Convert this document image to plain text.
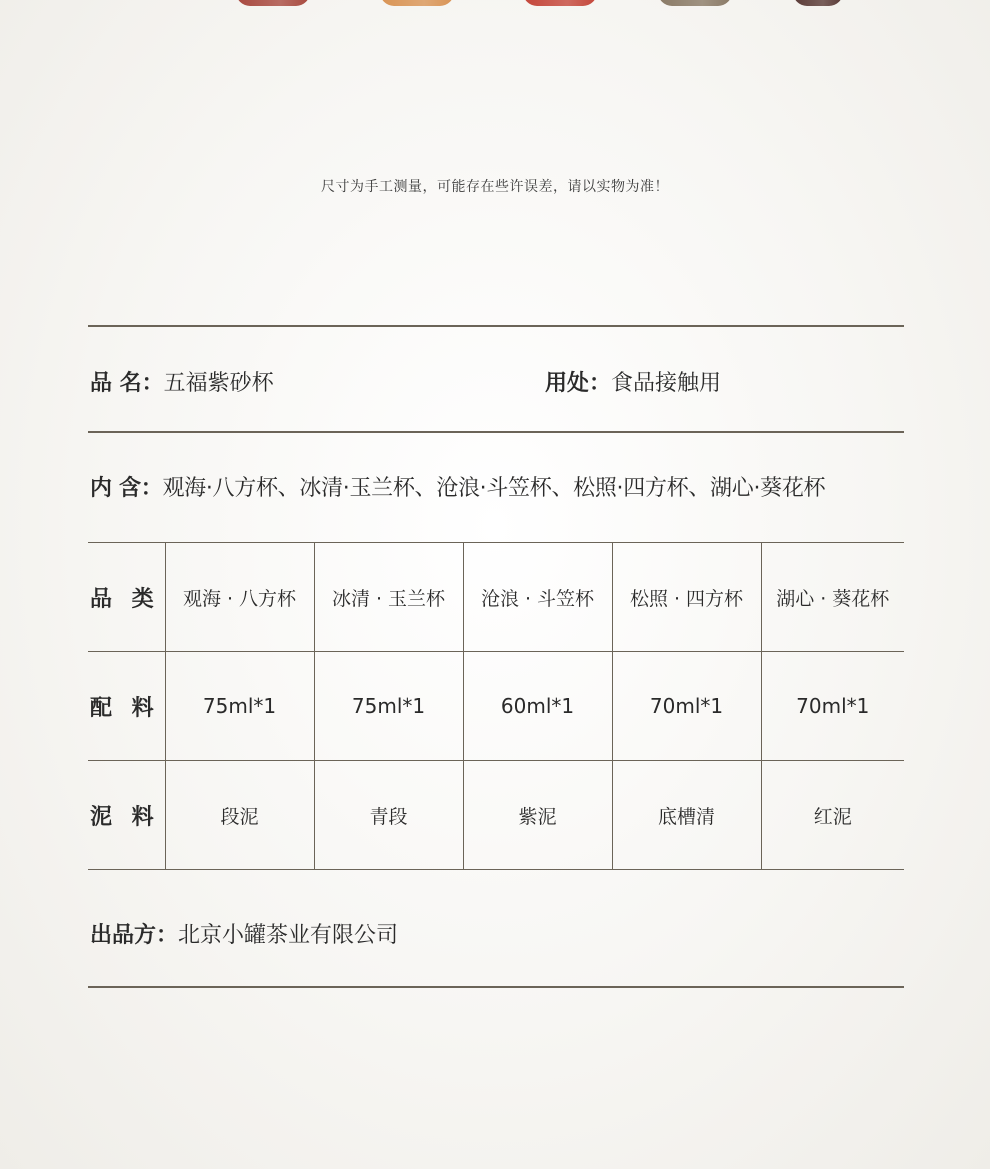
尺寸为手工测量，可能存在些许误差，请以实物为准！
品 名：五福紫砂杯	用处：食品接触用
内 含：观海·八方杯、冰清·玉兰杯、沧浪·斗笠杯、松照·四方杯、湖心·葵花杯
品 类	观海 · 八方杯	冰清 · 玉兰杯	沧浪 · 斗笠杯	松照 · 四方杯	湖心 · 葵花杯
配 料	75ml*1	75ml*1	60ml*1	70ml*1	70ml*1
泥 料	段泥	青段	紫泥	底槽清	红泥
出品方：北京小罐茶业有限公司
